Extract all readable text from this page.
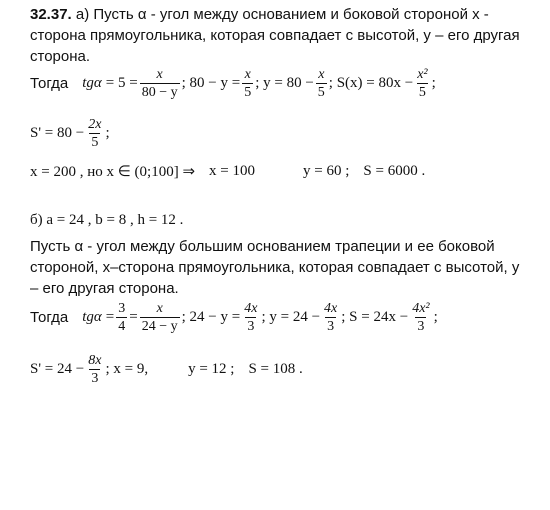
32.37. а) Пусть α - угол между основанием и боковой стороной x - сторона прямоугольника, которая совпадает с высотой, y – его другая сторона.
Тогда $tg\alpha = 5 = \frac{x}{80 - y}$ ; $80 - y = \frac{x}{5}$ ; $y = 80 - \frac{x}{5}$ ; $S(x) = 80x - \frac{\text{x²}}{5}$ ;
$S' = 80 - \frac{2x}{5}$ ;
x = 200 , но x ∈ (0;100] ⇒ x = 100	y = 60 ; S = 6000 .
б) a = 24 , b = 8 , h = 12 .
Пусть α - угол между большим основанием трапеции и ее боковой стороной, x–сторона прямоугольника, которая совпадает с высотой, y – его другая сторона.
Тогда $tg\alpha = \frac{3}{4} = \frac{x}{24 - y}$ ; $24 - y = \frac{4x}{3}$ ; $y = 24 - \frac{4x}{3}$ ; $S = 24x - \frac{\text{4x²}}{3}$ ;
$S' = 24 - \frac{8x}{3}$ ; x = 9,	y = 12 ; S = 108 .
